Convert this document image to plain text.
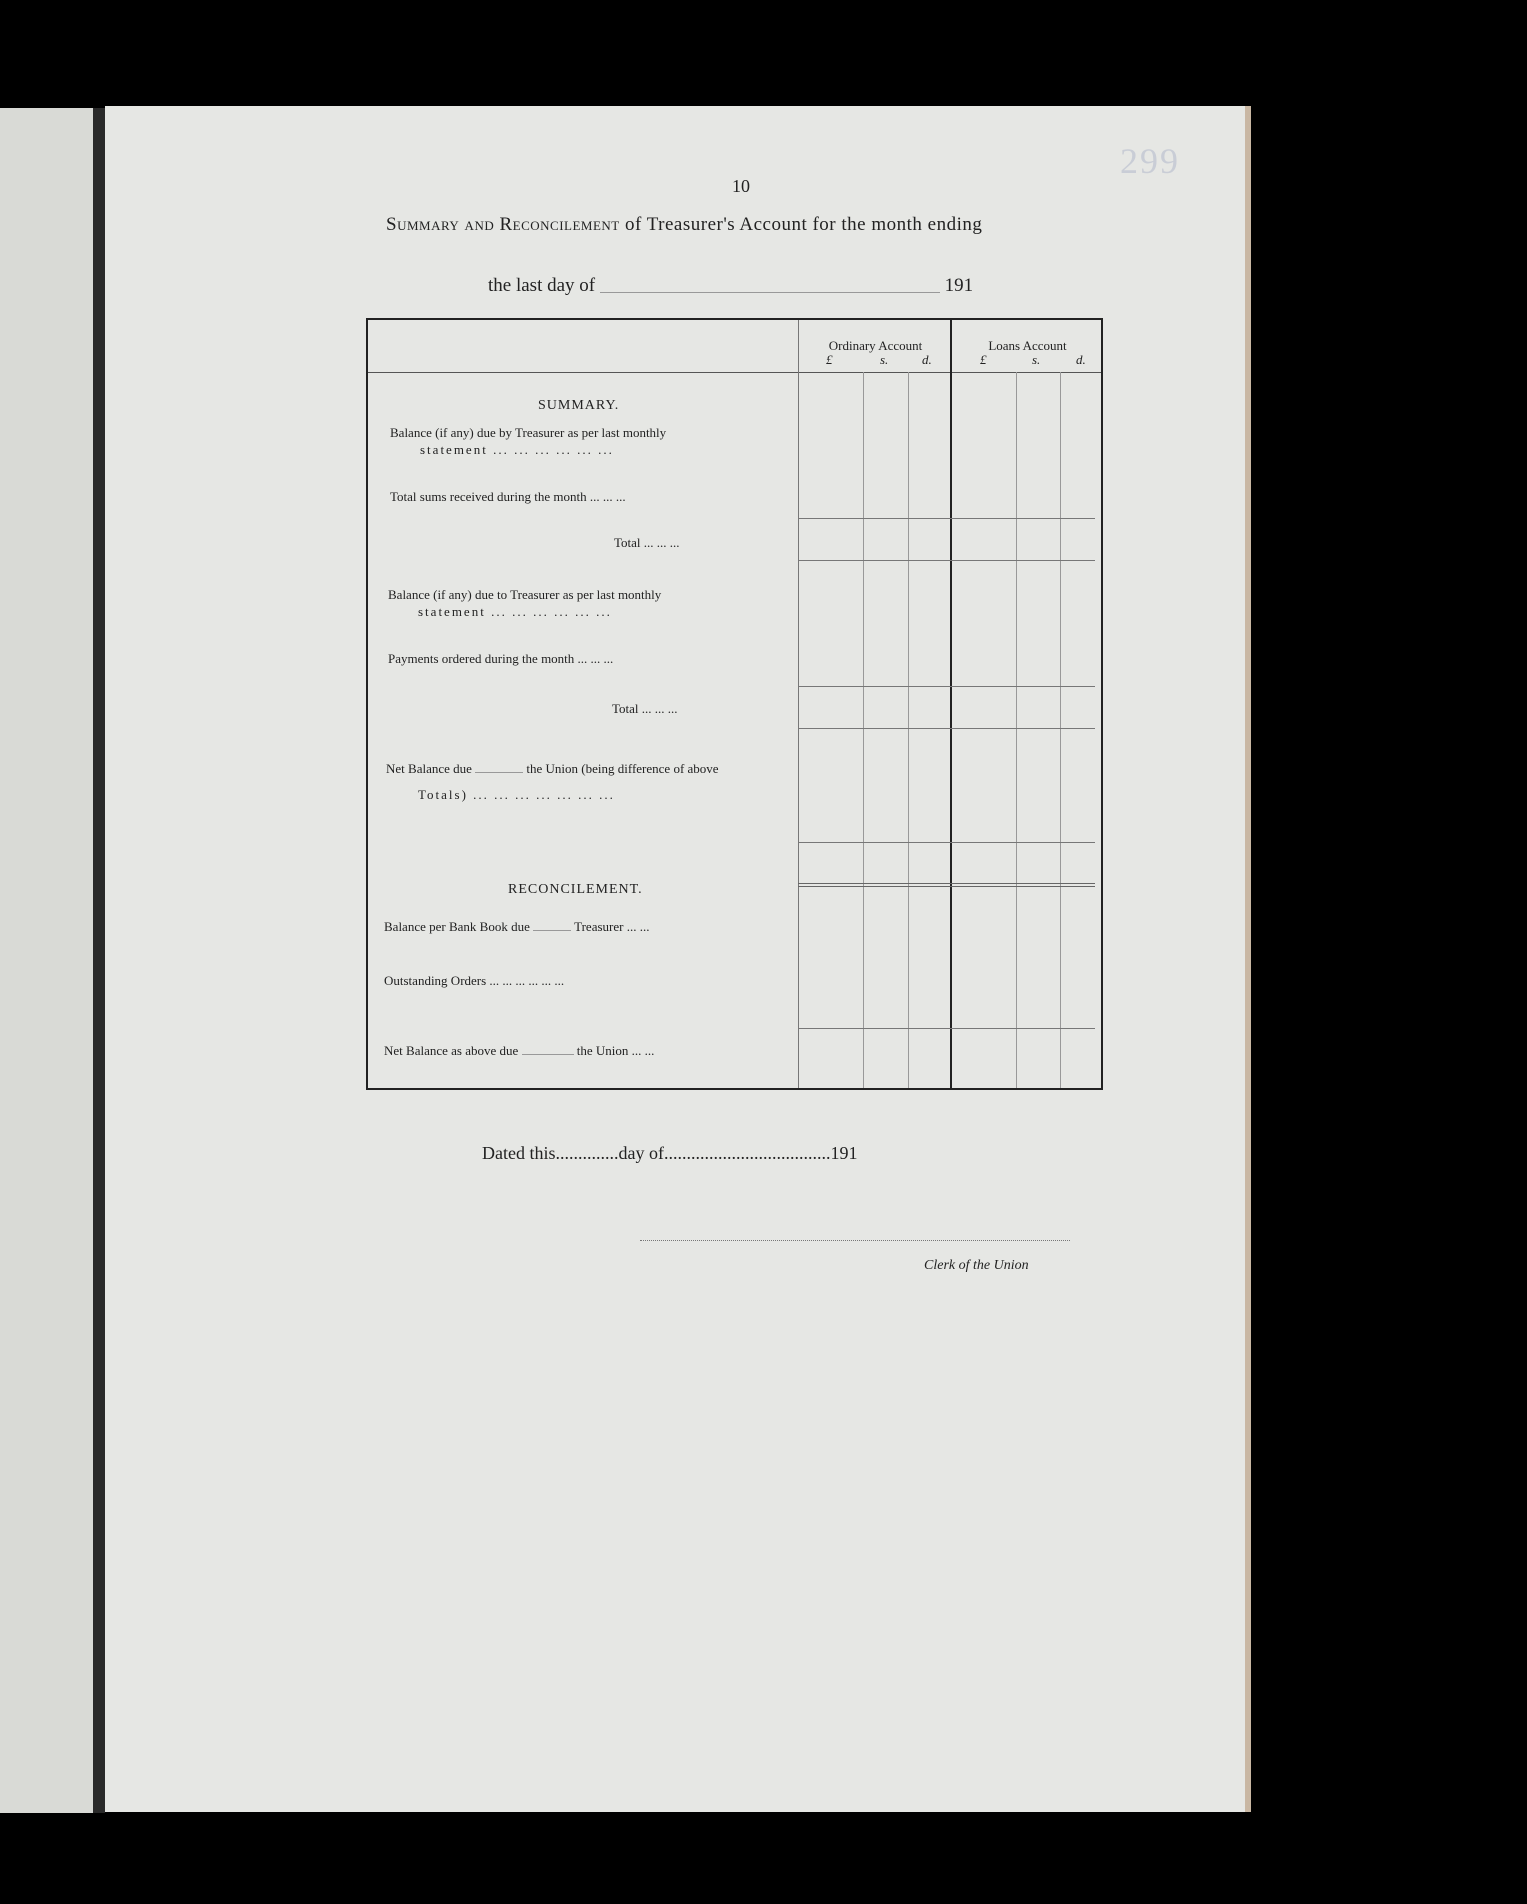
299
10
Summary and Reconcilement of Treasurer's Account for the month ending
the last day of	191
Ordinary Account	Loans Account
£	s.	d.	£	s.	d.
SUMMARY.
Balance (if any) due by Treasurer as per last monthly
statement ... ... ... ... ... ...
Total sums received during the month ... ... ...
Total ... ... ...
Balance (if any) due to Treasurer as per last monthly
statement ... ... ... ... ... ...
Payments ordered during the month ... ... ...
Total ... ... ...
Net Balance due	the Union (being difference of above
Totals) ... ... ... ... ... ... ...
RECONCILEMENT.
Balance per Bank Book due	Treasurer ... ...
Outstanding Orders ... ... ... ... ... ...
Net Balance as above due	the Union ... ...
Dated this..............day of.....................................191
Clerk of the Union
